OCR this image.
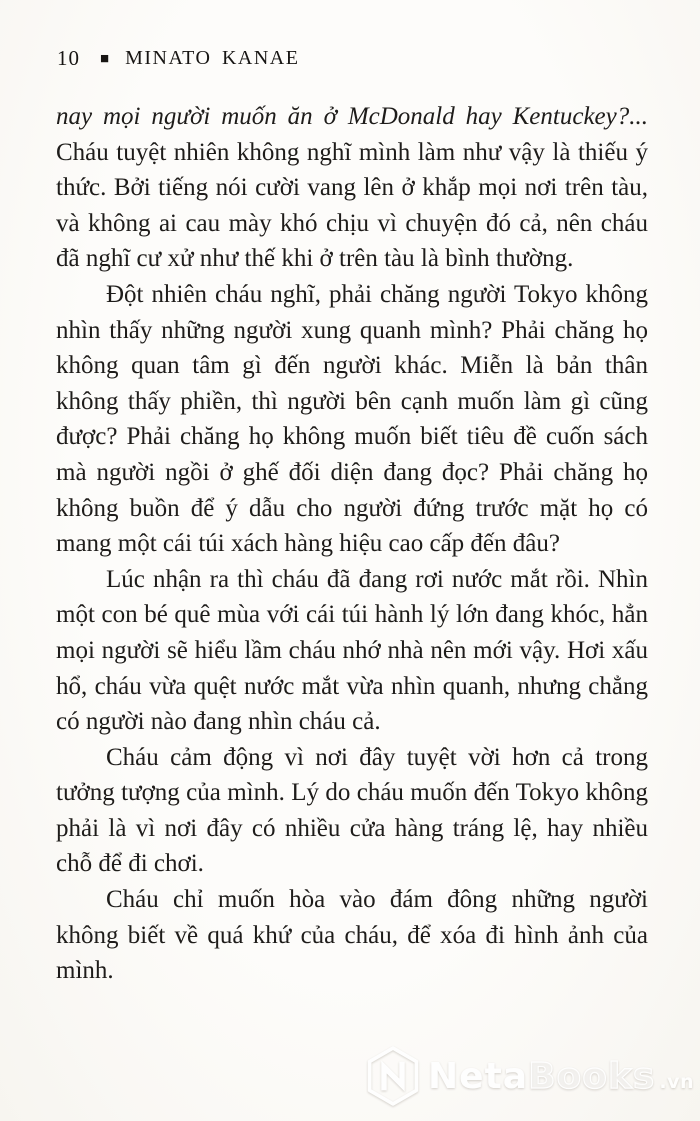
10 ■ MINATO KANAE

nay mọi người muốn ăn ở McDonald hay Kentuckey?... Cháu tuyệt nhiên không nghĩ mình làm như vậy là thiếu ý thức. Bởi tiếng nói cười vang lên ở khắp mọi nơi trên tàu, và không ai cau mày khó chịu vì chuyện đó cả, nên cháu đã nghĩ cư xử như thế khi ở trên tàu là bình thường.

Đột nhiên cháu nghĩ, phải chăng người Tokyo không nhìn thấy những người xung quanh mình? Phải chăng họ không quan tâm gì đến người khác. Miễn là bản thân không thấy phiền, thì người bên cạnh muốn làm gì cũng được? Phải chăng họ không muốn biết tiêu đề cuốn sách mà người ngồi ở ghế đối diện đang đọc? Phải chăng họ không buồn để ý dẫu cho người đứng trước mặt họ có mang một cái túi xách hàng hiệu cao cấp đến đâu?

Lúc nhận ra thì cháu đã đang rơi nước mắt rồi. Nhìn một con bé quê mùa với cái túi hành lý lớn đang khóc, hẳn mọi người sẽ hiểu lầm cháu nhớ nhà nên mới vậy. Hơi xấu hổ, cháu vừa quệt nước mắt vừa nhìn quanh, nhưng chẳng có người nào đang nhìn cháu cả.

Cháu cảm động vì nơi đây tuyệt vời hơn cả trong tưởng tượng của mình. Lý do cháu muốn đến Tokyo không phải là vì nơi đây có nhiều cửa hàng tráng lệ, hay nhiều chỗ để đi chơi.

Cháu chỉ muốn hòa vào đám đông những người không biết về quá khứ của cháu, để xóa đi hình ảnh của mình.

Neta Books .vn
